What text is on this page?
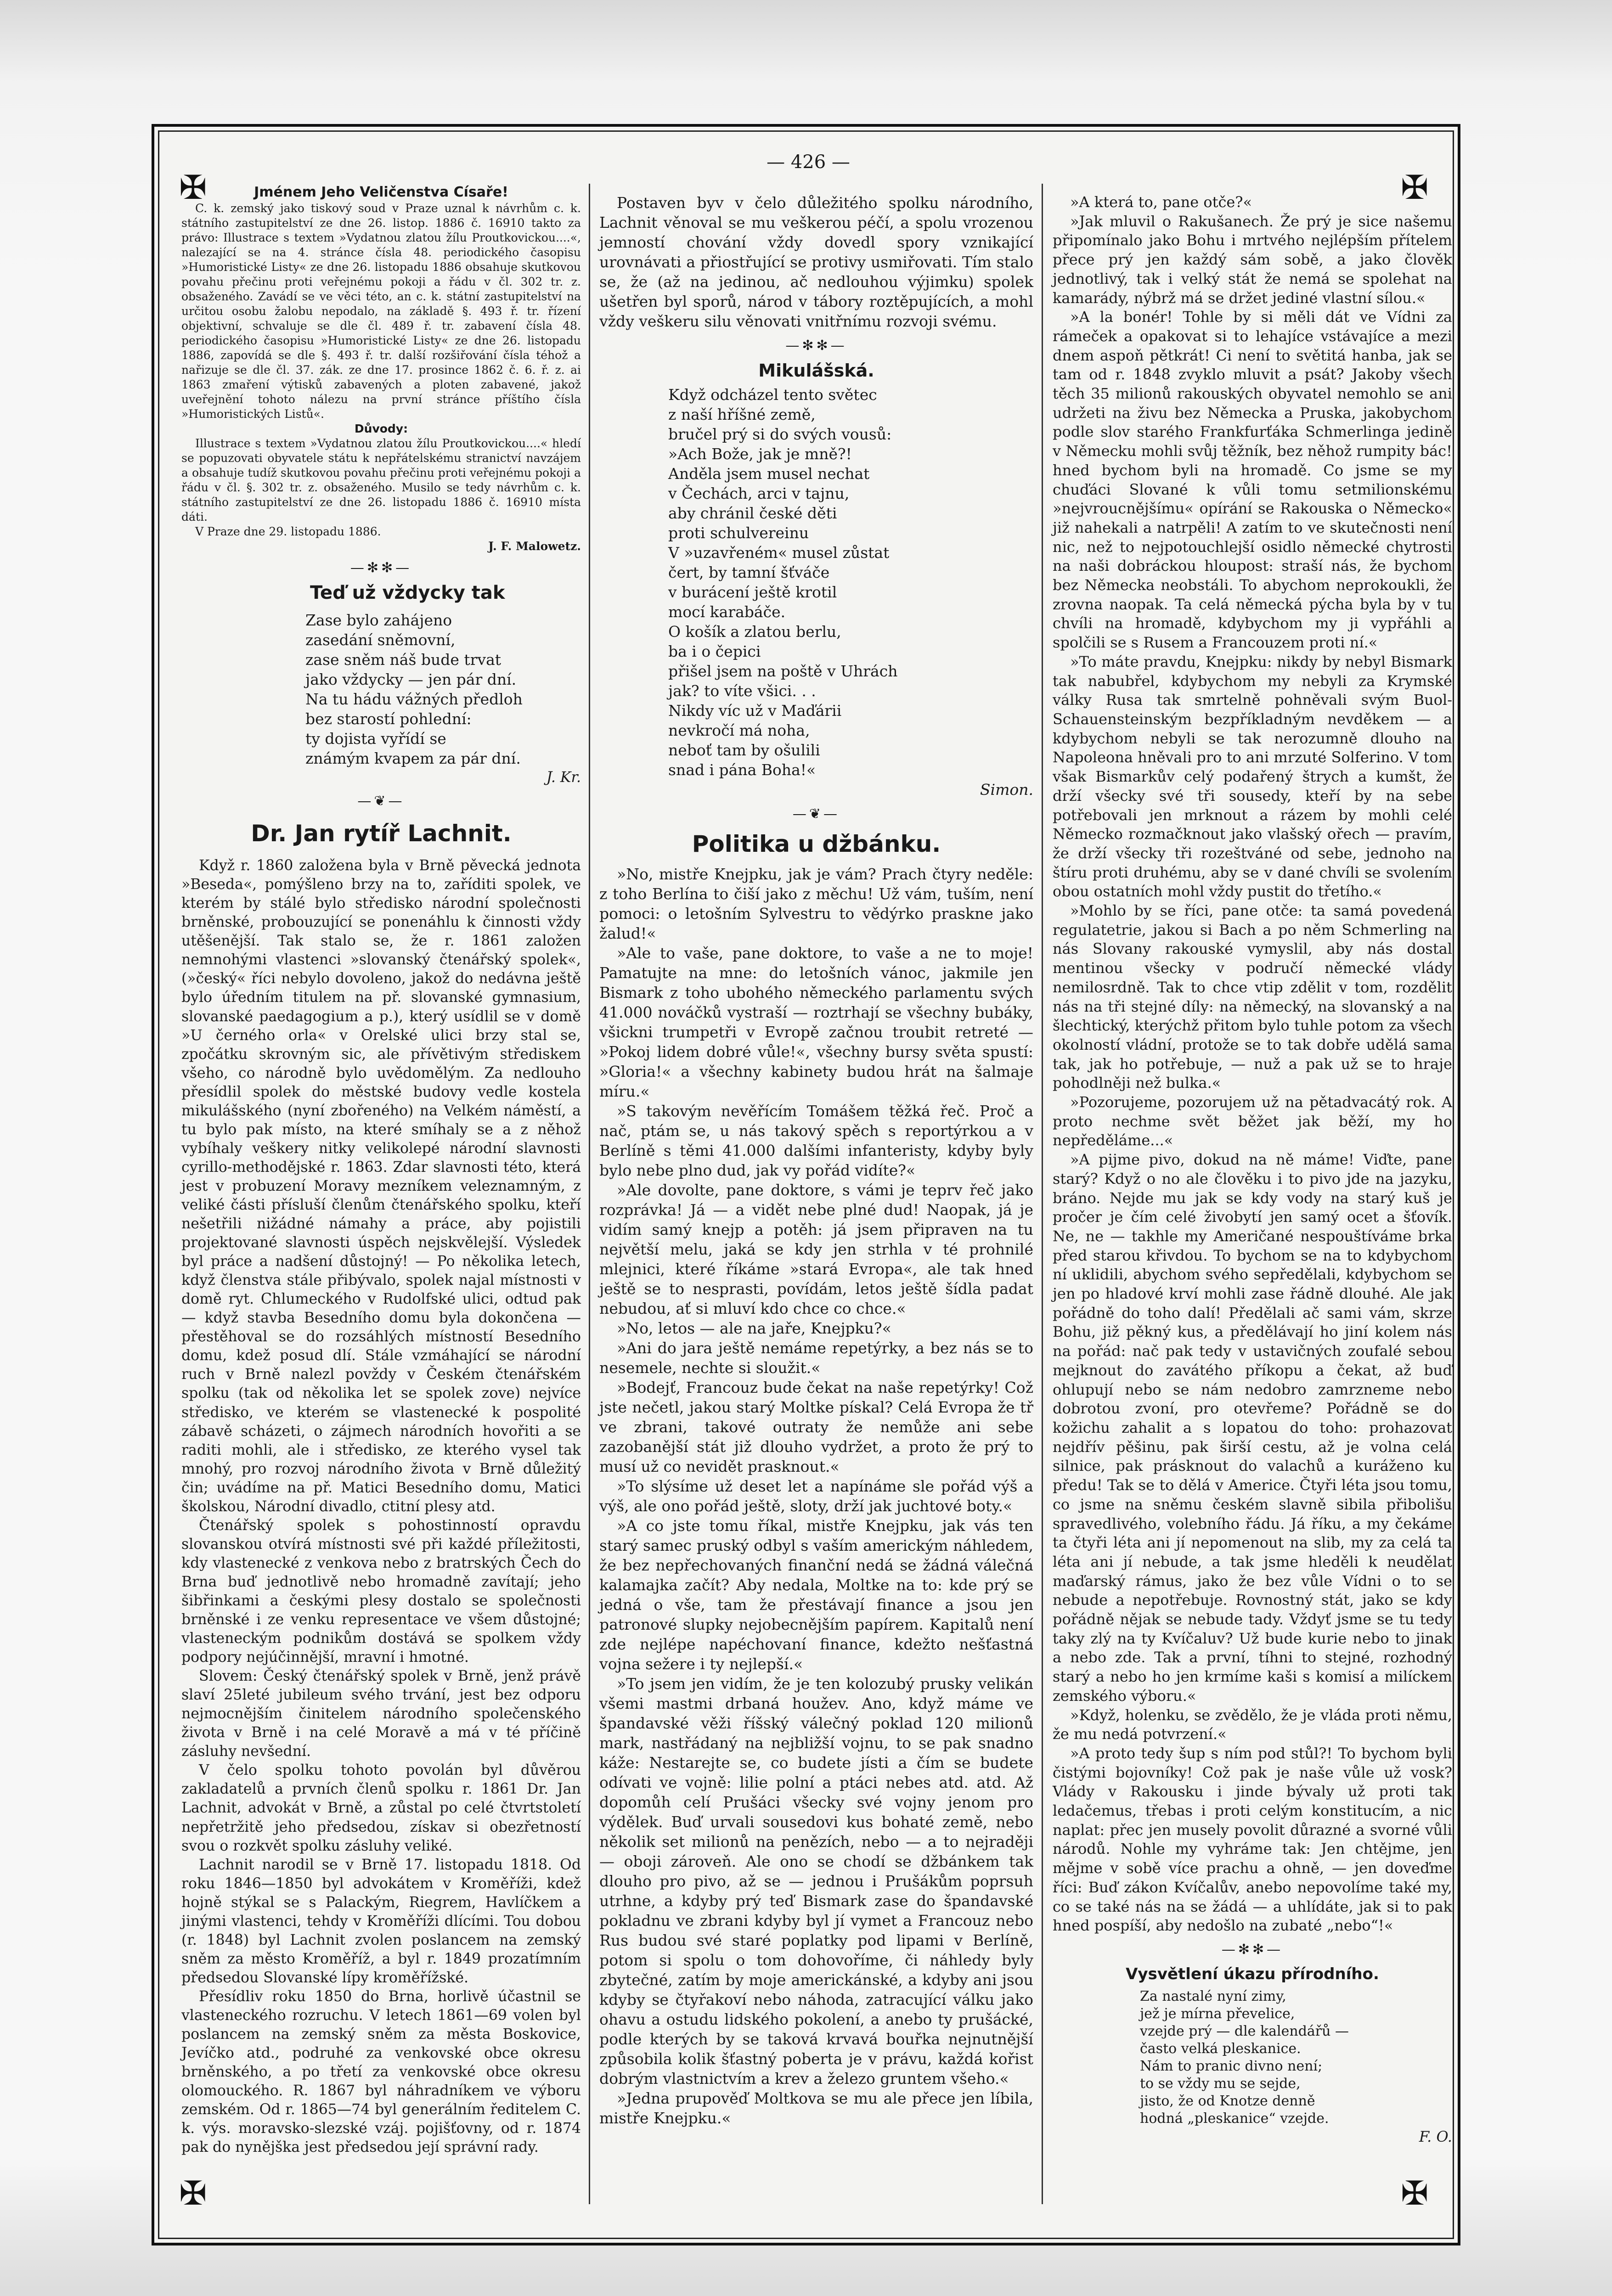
✠	✠
✠	✠
— 426 —
Jménem Jeho Veličenstva Císaře!

C. k. zemský jako tiskový soud v Praze uznal k návrhům c. k. státního zastupitelství ze dne 26. listop. 1886 č. 16910 takto za právo: Illustrace s textem »Vydatnou zlatou žílu Proutkovickou....«, nalezající se na 4. stránce čísla 48. periodického časopisu »Humoristické Listy« ze dne 26. listopadu 1886 obsahuje skutkovou povahu přečinu proti veřejnému pokoji a řádu v čl. 302 tr. z. obsaženého. Zavádí se ve věci této, an c. k. státní zastupitelství na určitou osobu žalobu nepodalo, na základě §. 493 ř. tr. řízení objektivní, schvaluje se dle čl. 489 ř. tr. zabavení čísla 48. periodického časopisu »Humoristické Listy« ze dne 26. listopadu 1886, zapovídá se dle §. 493 ř. tr. další rozšiřování čísla téhož a nařizuje se dle čl. 37. zák. ze dne 17. prosince 1862 č. 6. ř. z. ai 1863 zmaření výtisků zabavených a ploten zabavené, jakož uveřejnění tohoto nálezu na první stránce příštího čísla »Humoristických Listů«.

Důvody:

Illustrace s textem »Vydatnou zlatou žílu Proutkovickou....« hledí se popuzovati obyvatele státu k nepřátelskému stranictví navzájem a obsahuje tudíž skutkovou povahu přečinu proti veřejnému pokoji a řádu v čl. §. 302 tr. z. obsaženého. Musilo se tedy návrhům c. k. státního zastupitelství ze dne 26. listopadu 1886 č. 16910 místa dáti.

V Praze dne 29. listopadu 1886.

J. F. Malowetz.
—✻✻—
Teď už vždycky tak
Zase bylo zahájeno
zasedání sněmovní,
zase sněm náš bude trvat
jako vždycky — jen pár dní.
Na tu hádu vážných předloh
bez starostí pohlední:
ty dojista vyřídí se
známým kvapem za pár dní.
J. Kr.
—❦—
Dr. Jan rytíř Lachnit.

Když r. 1860 založena byla v Brně pěvecká jednota »Beseda«, pomýšleno brzy na to, zaříditi spolek, ve kterém by stálé bylo středisko národní společnosti brněnské, probouzující se ponenáhlu k činnosti vždy utěšenější. Tak stalo se, že r. 1861 založen nemnohými vlastenci »slovanský čtenářský spolek«, (»český« říci nebylo dovoleno, jakož do nedávna ještě bylo úředním titulem na př. slovanské gymnasium, slovanské paedagogium a p.), který usídlil se v domě »U černého orla« v Orelské ulici brzy stal se, zpočátku skrovným sic, ale přívětivým střediskem všeho, co národně bylo uvědomělým. Za nedlouho přesídlil spolek do městské budovy vedle kostela mikulášského (nyní zbořeného) na Velkém náměstí, a tu bylo pak místo, na které smíhaly se a z něhož vybíhaly veškery nitky velikolepé národní slavnosti cyrillo-methodějské r. 1863. Zdar slavnosti této, která jest v probuzení Moravy mezníkem veleznamným, z veliké části přísluší členům čtenářského spolku, kteří nešetřili nižádné námahy a práce, aby pojistili projektované slavnosti úspěch nejskvělejší. Výsledek byl práce a nadšení důstojný! — Po několika letech, když členstva stále přibývalo, spolek najal místnosti v domě ryt. Chlumeckého v Rudolfské ulici, odtud pak — když stavba Besedního domu byla dokončena — přestěhoval se do rozsáhlých místností Besedního domu, kdež posud dlí. Stále vzmáhající se národní ruch v Brně nalezl povždy v Českém čtenářském spolku (tak od několika let se spolek zove) nejvíce středisko, ve kterém se vlastenecké k pospolité zábavě scházeti, o zájmech národních hovořiti a se raditi mohli, ale i středisko, ze kterého vysel tak mnohý, pro rozvoj národního života v Brně důležitý čin; uvádíme na př. Matici Besedního domu, Matici školskou, Národní divadlo, ctitní plesy atd.

Čtenářský spolek s pohostinností opravdu slovanskou otvírá místnosti své při každé příležitosti, kdy vlastenecké z venkova nebo z bratrských Čech do Brna buď jednotlivě nebo hromadně zavítají; jeho šibřinkami a českými plesy dostalo se společnosti brněnské i ze venku representace ve všem důstojné; vlasteneckým podnikům dostává se spolkem vždy podpory nejúčinnější, mravní i hmotné.

Slovem: Český čtenářský spolek v Brně, jenž právě slaví 25leté jubileum svého trvání, jest bez odporu nejmocnějším činitelem národního společenského života v Brně i na celé Moravě a má v té příčině zásluhy nevšední.

V čelo spolku tohoto povolán byl důvěrou zakladatelů a prvních členů spolku r. 1861 Dr. Jan Lachnit, advokát v Brně, a zůstal po celé čtvrtstoletí nepřetržitě jeho předsedou, získav si obezřetností svou o rozkvět spolku zásluhy veliké.

Lachnit narodil se v Brně 17. listopadu 1818. Od roku 1846—1850 byl advokátem v Kroměříži, kdež hojně stýkal se s Palackým, Riegrem, Havlíčkem a jinými vlastenci, tehdy v Kroměříži dlícími. Tou dobou (r. 1848) byl Lachnit zvolen poslancem na zemský sněm za město Kroměříž, a byl r. 1849 prozatímním předsedou Slovanské lípy kroměřížské.

Přesídliv roku 1850 do Brna, horlivě účastnil se vlasteneckého rozruchu. V letech 1861—69 volen byl poslancem na zemský sněm za města Boskovice, Jevíčko atd., podruhé za venkovské obce okresu brněnského, a po třetí za venkovské obce okresu olomouckého. R. 1867 byl náhradníkem ve výboru zemském. Od r. 1865—74 byl generálním ředitelem C. k. výs. moravsko-slezské vzáj. pojišťovny, od r. 1874 pak do nynějška jest předsedou její správní rady.

Postaven byv v čelo důležitého spolku národního, Lachnit věnoval se mu veškerou péčí, a spolu vrozenou jemností chování vždy dovedl spory vznikající urovnávati a přiostřující se protivy usmiřovati. Tím stalo se, že (až na jedinou, ač nedlouhou výjimku) spolek ušetřen byl sporů, národ v tábory roztěpujících, a mohl vždy veškeru silu věnovati vnitřnímu rozvoji svému.

—✻✻—
Mikulášská.
Když odcházel tento světec
z naší hříšné země,
bručel prý si do svých vousů:
»Ach Bože, jak je mně?!
Anděla jsem musel nechat
v Čechách, arci v tajnu,
aby chránil české děti
proti schulvereinu
V »uzavřeném« musel zůstat
čert, by tamní šťváče
v burácení ještě krotil
mocí karabáče.
O košík a zlatou berlu,
ba i o čepici
přišel jsem na poště v Uhrách
jak? to víte všici. . .
Nikdy víc už v Maďárii
nevkročí má noha,
neboť tam by ošulili
snad i pána Boha!«
Simon.
—❦—
Politika u džbánku.

»No, mistře Knejpku, jak je vám? Prach čtyry neděle: z toho Berlína to čiší jako z měchu! Už vám, tuším, není pomoci: o letošním Sylvestru to vědýrko praskne jako žalud!«

»Ale to vaše, pane doktore, to vaše a ne to moje! Pamatujte na mne: do letošních vánoc, jakmile jen Bismark z toho ubohého německého parlamentu svých 41.000 nováčků vystraší — roztrhají se všechny bubáky, všickni trumpetři v Evropě začnou troubit retreté — »Pokoj lidem dobré vůle!«, všechny bursy světa spustí: »Gloria!« a všechny kabinety budou hrát na šalmaje míru.«

»S takovým nevěřícím Tomášem těžká řeč. Proč a nač, ptám se, u nás takový spěch s reportýrkou a v Berlíně s těmi 41.000 dalšími infanteristy, kdyby byly bylo nebe plno dud, jak vy pořád vidíte?«

»Ale dovolte, pane doktore, s vámi je teprv řeč jako rozprávka! Já — a vidět nebe plné dud! Naopak, já je vidím samý knejp a potěh: já jsem připraven na tu největší melu, jaká se kdy jen strhla v té prohnilé mlejnici, které říkáme »stará Evropa«, ale tak hned ještě se to nesprasti, povídám, letos ještě šídla padat nebudou, ať si mluví kdo chce co chce.«

»No, letos — ale na jaře, Knejpku?«

»Ani do jara ještě nemáme repetýrky, a bez nás se to nesemele, nechte si sloužit.«

»Bodejť, Francouz bude čekat na naše repetýrky! Což jste nečetl, jakou starý Moltke pískal? Celá Evropa že tř ve zbrani, takové outraty že nemůže ani sebe zazobanější stát již dlouho vydržet, a proto že prý to musí už co nevidět prasknout.«

»To slýsíme už deset let a napínáme sle pořád výš a výš, ale ono pořád ještě, sloty, drží jak juchtové boty.«

»A co jste tomu říkal, mistře Knejpku, jak vás ten starý samec pruský odbyl s vaším americkým náhledem, že bez nepřechovaných finanční nedá se žádná válečná kalamajka začít? Aby nedala, Moltke na to: kde prý se jedná o vše, tam že přestávají finance a jsou jen patronové slupky nejobecnějším papírem. Kapitalů není zde nejlépe napéchovaní finance, kdežto nešťastná vojna sežere i ty nejlepší.«

»To jsem jen vidím, že je ten kolozubý prusky velikán všemi mastmi drbaná houžev. Ano, když máme ve špandavské věži říšský válečný poklad 120 milionů mark, nastřádaný na nejbližší vojnu, to se pak snadno káže: Nestarejte se, co budete jísti a čím se budete odívati ve vojně: lilie polní a ptáci nebes atd. atd. Až dopomůh celí Prušáci všecky své vojny jenom pro výdělek. Buď urvali sousedovi kus bohaté země, nebo několik set milionů na penězích, nebo — a to nejraději — oboji zároveň. Ale ono se chodí se džbánkem tak dlouho pro pivo, až se — jednou i Prušákům poprsuh utrhne, a kdyby prý teď Bismark zase do špandavské pokladnu ve zbrani kdyby byl jí vymet a Francouz nebo Rus budou své staré poplatky pod lipami v Berlíně, potom si spolu o tom dohovoříme, či náhledy byly zbytečné, zatím by moje americkánské, a kdyby ani jsou kdyby se čtyřakoví nebo náhoda, zatracující válku jako ohavu a ostudu lidského pokolení, a anebo ty prušácké, podle kterých by se taková krvavá bouřka nejnutnější způsobila kolik šťastný poberta je v právu, každá kořist dobrým vlastnictvím a krev a železo gruntem všeho.«

»Jedna prupověď Moltkova se mu ale přece jen líbila, mistře Knejpku.«

»A která to, pane otče?«

»Jak mluvil o Rakušanech. Že prý je sice našemu připomínalo jako Bohu i mrtvého nejlépším přítelem přece prý jen každý sám sobě, a jako člověk jednotlivý, tak i velký stát že nemá se spolehat na kamarády, nýbrž má se držet jediné vlastní sílou.«

»A la bonér! Tohle by si měli dát ve Vídni za rámeček a opakovat si to lehajíce vstávajíce a mezi dnem aspoň pětkrát! Ci není to světitá hanba, jak se tam od r. 1848 zvyklo mluvit a psát? Jakoby všech těch 35 milionů rakouských obyvatel nemohlo se ani udržeti na živu bez Německa a Pruska, jakobychom podle slov starého Frankfurťáka Schmerlinga jedině v Německu mohli svůj těžník, bez něhož rumpity bác! hned bychom byli na hromadě. Co jsme se my chuďáci Slované k vůli tomu setmilionskému »nejvroucnějšímu« opírání se Rakouska o Německo« již nahekali a natrpěli! A zatím to ve skutečnosti není nic, než to nejpotouchlejší osidlo německé chytrosti na naši dobráckou hloupost: straší nás, že bychom bez Německa neobstáli. To abychom neprokoukli, že zrovna naopak. Ta celá německá pýcha byla by v tu chvíli na hromadě, kdybychom my ji vypřáhli a spolčili se s Rusem a Francouzem proti ní.«

»To máte pravdu, Knejpku: nikdy by nebyl Bismark tak nabubřel, kdybychom my nebyli za Krymské války Rusa tak smrtelně pohněvali svým Buol-Schauensteinským bezpříkladným nevděkem — a kdybychom nebyli se tak nerozumně dlouho na Napoleona hněvali pro to ani mrzuté Solferino. V tom však Bismarkův celý podařený štrych a kumšt, že drží všecky své tři sousedy, kteří by na sebe potřebovali jen mrknout a rázem by mohli celé Německo rozmačknout jako vlašský ořech — pravím, že drží všecky tři rozeštváné od sebe, jednoho na štíru proti druhému, aby se v dané chvíli se svolením obou ostatních mohl vždy pustit do třetího.«

»Mohlo by se říci, pane otče: ta samá povedená regulatetrie, jakou si Bach a po něm Schmerling na nás Slovany rakouské vymyslil, aby nás dostal mentinou všecky v područí německé vlády nemilosrdně. Tak to chce vtip zdělit v tom, rozdělit nás na tři stejné díly: na německý, na slovanský a na šlechtický, kterýchž přitom bylo tuhle potom za všech okolností vládní, protože se to tak dobře udělá sama tak, jak ho potřebuje, — nuž a pak už se to hraje pohodlněji než bulka.«

»Pozorujeme, pozorujem už na pětadvacátý rok. A proto nechme svět běžet jak běží, my ho nepředěláme...«

»A pijme pivo, dokud na ně máme! Viďte, pane starý? Když o no ale člověku i to pivo jde na jazyku, bráno. Nejde mu jak se kdy vody na starý kuš je pročer je čím celé živobytí jen samý ocet a šťovík. Ne, ne — takhle my Američané nespouštíváme brka před starou křivdou. To bychom se na to kdybychom ní uklidili, abychom svého sepředělali, kdybychom se jen po hladové krví mohli zase řádně dlouhé. Ale jak pořádně do toho dalí! Předělali ač sami vám, skrze Bohu, již pěkný kus, a předělávají ho jiní kolem nás na pořád: nač pak tedy v ustavičných zoufalé sebou mejknout do zavátého příkopu a čekat, až buď ohlupují nebo se nám nedobro zamrzneme nebo dobrotou zvoní, pro otevřeme? Pořádně se do kožichu zahalit a s lopatou do toho: prohazovat nejdřív pěšinu, pak širší cestu, až je volna celá silnice, pak prásknout do valachů a kuráženo ku předu! Tak se to dělá v Americe. Čtyři léta jsou tomu, co jsme na sněmu českém slavně sibila přibolišu spravedlivého, volebního řádu. Já říku, a my čekáme ta čtyři léta ani jí nepomenout na slib, my za celá ta léta ani jí nebude, a tak jsme hleděli k neudělat maďarský rámus, jako že bez vůle Vídni o to se nebude a nepotřebuje. Rovnostný stát, jako se kdy pořádně nějak se nebude tady. Vždyť jsme se tu tedy taky zlý na ty Kvíčaluv? Už bude kurie nebo to jinak a nebo zde. Tak a první, tíhni to stejné, rozhodný starý a nebo ho jen krmíme kaši s komisí a milíckem zemského výboru.«

»Když, holenku, se zvědělo, že je vláda proti němu, že mu nedá potvrzení.«

»A proto tedy šup s ním pod stůl?! To bychom byli čistými bojovníky! Což pak je naše vůle už vosk? Vlády v Rakousku i jinde bývaly už proti tak ledačemus, třebas i proti celým konstitucím, a nic naplat: přec jen musely povolit důrazné a svorné vůli národů. Nohle my vyhráme tak: Jen chtějme, jen mějme v sobě více prachu a ohně, — jen doveďme říci: Buď zákon Kvíčalův, anebo nepovolíme také my, co se také nás na se žádá — a uhlídáte, jak si to pak hned pospíší, aby nedošlo na zubaté „nebo“!«

—✻✻—
Vysvětlení úkazu přírodního.
Za nastalé nyní zimy,
jež je mírna převelice,
vzejde prý — dle kalendářů —
často velká pleskanice.
Nám to pranic divno není;
to se vždy mu se sejde,
jisto, že od Knotze denně
hodná „pleskanice“ vzejde.
F. O.
